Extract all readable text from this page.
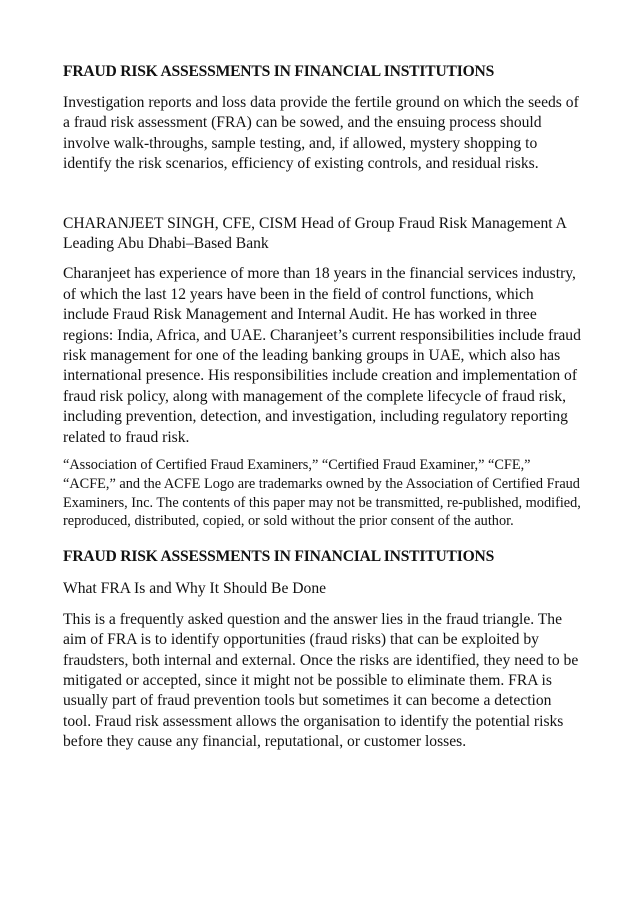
FRAUD RISK ASSESSMENTS IN FINANCIAL INSTITUTIONS

Investigation reports and loss data provide the fertile ground on which the seeds of a fraud risk assessment (FRA) can be sowed, and the ensuing process should involve walk-throughs, sample testing, and, if allowed, mystery shopping to identify the risk scenarios, efficiency of existing controls, and residual risks.

CHARANJEET SINGH, CFE, CISM Head of Group Fraud Risk Management A Leading Abu Dhabi–Based Bank

Charanjeet has experience of more than 18 years in the financial services industry, of which the last 12 years have been in the field of control functions, which include Fraud Risk Management and Internal Audit. He has worked in three regions: India, Africa, and UAE. Charanjeet’s current responsibilities include fraud risk management for one of the leading banking groups in UAE, which also has international presence. His responsibilities include creation and implementation of fraud risk policy, along with management of the complete lifecycle of fraud risk, including prevention, detection, and investigation, including regulatory reporting related to fraud risk.

“Association of Certified Fraud Examiners,” “Certified Fraud Examiner,” “CFE,” “ACFE,” and the ACFE Logo are trademarks owned by the Association of Certified Fraud Examiners, Inc. The contents of this paper may not be transmitted, re-published, modified, reproduced, distributed, copied, or sold without the prior consent of the author.

FRAUD RISK ASSESSMENTS IN FINANCIAL INSTITUTIONS

What FRA Is and Why It Should Be Done

This is a frequently asked question and the answer lies in the fraud triangle. The aim of FRA is to identify opportunities (fraud risks) that can be exploited by fraudsters, both internal and external. Once the risks are identified, they need to be mitigated or accepted, since it might not be possible to eliminate them. FRA is usually part of fraud prevention tools but sometimes it can become a detection tool. Fraud risk assessment allows the organisation to identify the potential risks before they cause any financial, reputational, or customer losses.
